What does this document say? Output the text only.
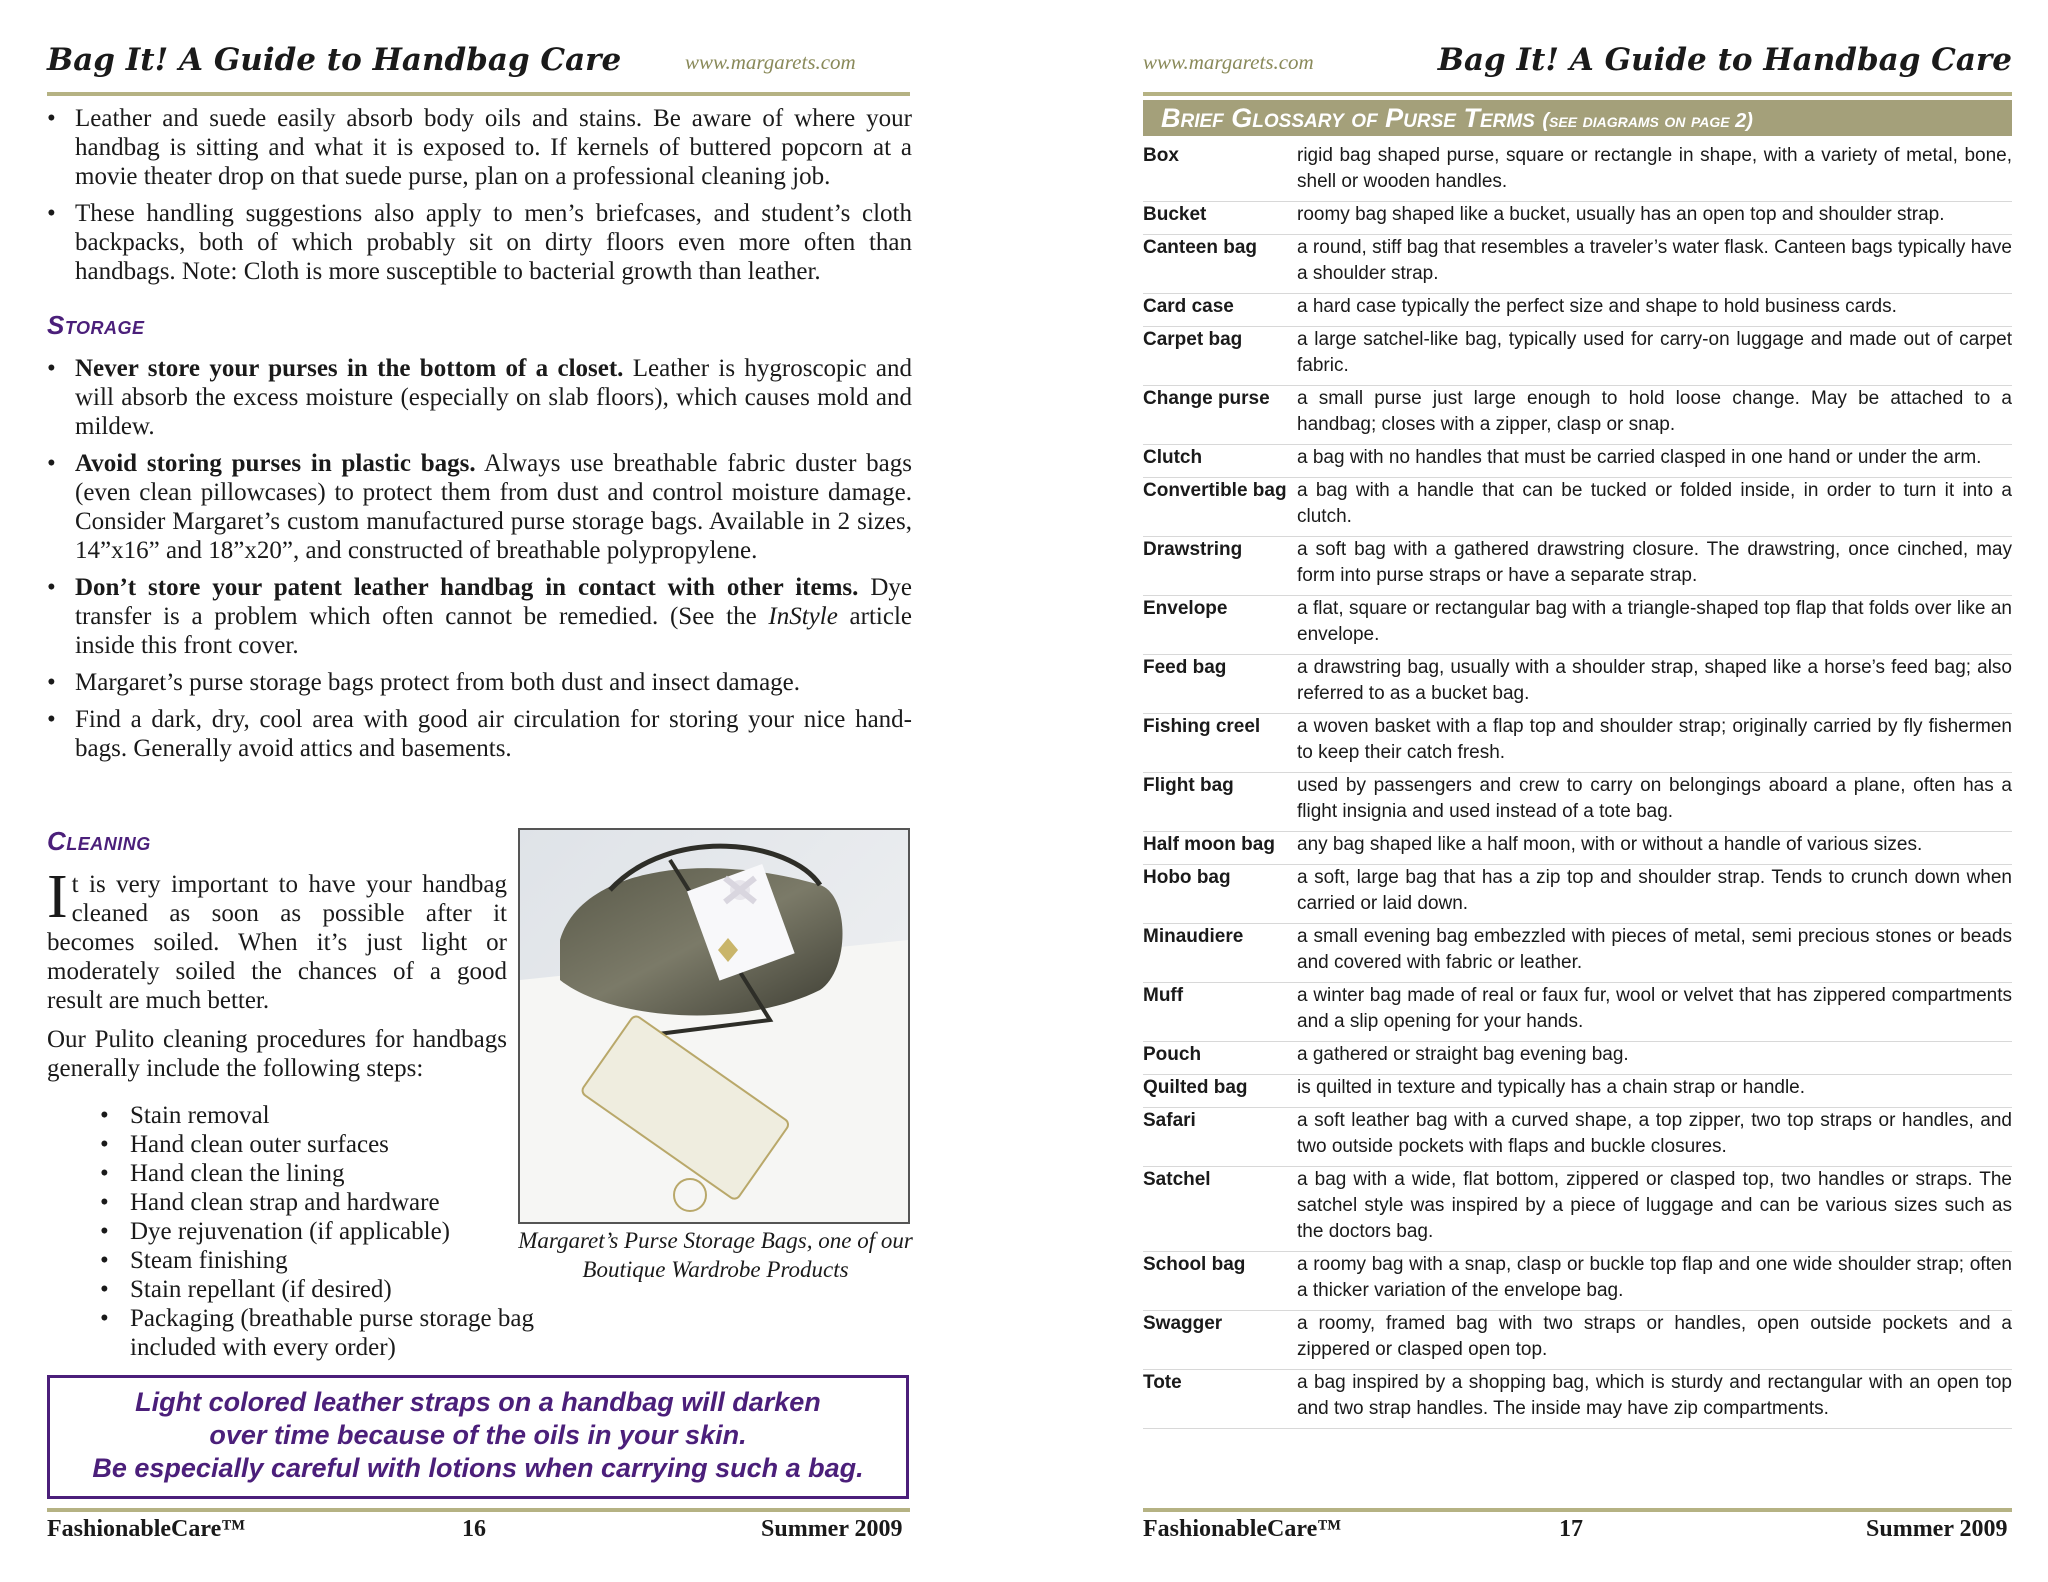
Bag It! A Guide to Handbag Care	www.margarets.com
• Leather and suede easily absorb body oils and stains. Be aware of where your handbag is sitting and what it is exposed to. If kernels of buttered popcorn at a movie theater drop on that suede purse, plan on a professional cleaning job.
• These handling suggestions also apply to men’s briefcases, and student’s cloth backpacks, both of which probably sit on dirty floors even more often than handbags. Note: Cloth is more susceptible to bacterial growth than leather.
Storage
• Never store your purses in the bottom of a closet. Leather is hygroscopic and will absorb the excess moisture (especially on slab floors), which causes mold and mildew.
• Avoid storing purses in plastic bags. Always use breathable fabric duster bags (even clean pillowcases) to protect them from dust and control moisture damage. Consider Margaret’s custom manufactured purse storage bags. Available in 2 sizes, 14”x16” and 18”x20”, and constructed of breathable polypropylene.
• Don’t store your patent leather handbag in contact with other items. Dye transfer is a problem which often cannot be remedied. (See the InStyle article inside this front cover.
• Margaret’s purse storage bags protect from both dust and insect damage.
• Find a dark, dry, cool area with good air circulation for storing your nice hand-bags. Generally avoid attics and basements.
Cleaning

It is very important to have your handbag cleaned as soon as possible after it becomes soiled. When it’s just light or moderately soiled the chances of a good result are much better.

Our Pulito cleaning procedures for handbags generally include the following steps:

• Stain removal
• Hand clean outer surfaces
• Hand clean the lining
• Hand clean strap and hardware
• Dye rejuvenation (if applicable)
• Steam finishing
• Stain repellant (if desired)
• Packaging (breathable purse storage bag included with every order)
Margaret’s Purse Storage Bags, one of our Boutique Wardrobe Products
Light colored leather straps on a handbag will darken
over time because of the oils in your skin.
Be especially careful with lotions when carrying such a bag.
FashionableCare™	16	Summer 2009
www.margarets.com	Bag It! A Guide to Handbag Care
Brief Glossary of Purse Terms (see diagrams on page 2)
Box	rigid bag shaped purse, square or rectangle in shape, with a variety of metal, bone, shell or wooden handles.
Bucket	roomy bag shaped like a bucket, usually has an open top and shoulder strap.
Canteen bag	a round, stiff bag that resembles a traveler’s water flask. Canteen bags typically have a shoulder strap.
Card case	a hard case typically the perfect size and shape to hold business cards.
Carpet bag	a large satchel-like bag, typically used for carry-on luggage and made out of carpet fabric.
Change purse	a small purse just large enough to hold loose change. May be attached to a handbag; closes with a zipper, clasp or snap.
Clutch	a bag with no handles that must be carried clasped in one hand or under the arm.
Convertible bag	a bag with a handle that can be tucked or folded inside, in order to turn it into a clutch.
Drawstring	a soft bag with a gathered drawstring closure. The drawstring, once cinched, may form into purse straps or have a separate strap.
Envelope	a flat, square or rectangular bag with a triangle-shaped top flap that folds over like an envelope.
Feed bag	a drawstring bag, usually with a shoulder strap, shaped like a horse’s feed bag; also referred to as a bucket bag.
Fishing creel	a woven basket with a flap top and shoulder strap; originally carried by fly fishermen to keep their catch fresh.
Flight bag	used by passengers and crew to carry on belongings aboard a plane, often has a flight insignia and used instead of a tote bag.
Half moon bag	any bag shaped like a half moon, with or without a handle of various sizes.
Hobo bag	a soft, large bag that has a zip top and shoulder strap. Tends to crunch down when carried or laid down.
Minaudiere	a small evening bag embezzled with pieces of metal, semi precious stones or beads and covered with fabric or leather.
Muff	a winter bag made of real or faux fur, wool or velvet that has zippered compartments and a slip opening for your hands.
Pouch	a gathered or straight bag evening bag.
Quilted bag	is quilted in texture and typically has a chain strap or handle.
Safari	a soft leather bag with a curved shape, a top zipper, two top straps or handles, and two outside pockets with flaps and buckle closures.
Satchel	a bag with a wide, flat bottom, zippered or clasped top, two handles or straps. The satchel style was inspired by a piece of luggage and can be various sizes such as the doctors bag.
School bag	a roomy bag with a snap, clasp or buckle top flap and one wide shoulder strap; often a thicker variation of the envelope bag.
Swagger	a roomy, framed bag with two straps or handles, open outside pockets and a zippered or clasped open top.
Tote	a bag inspired by a shopping bag, which is sturdy and rectangular with an open top and two strap handles. The inside may have zip compartments.
FashionableCare™	17	Summer 2009
